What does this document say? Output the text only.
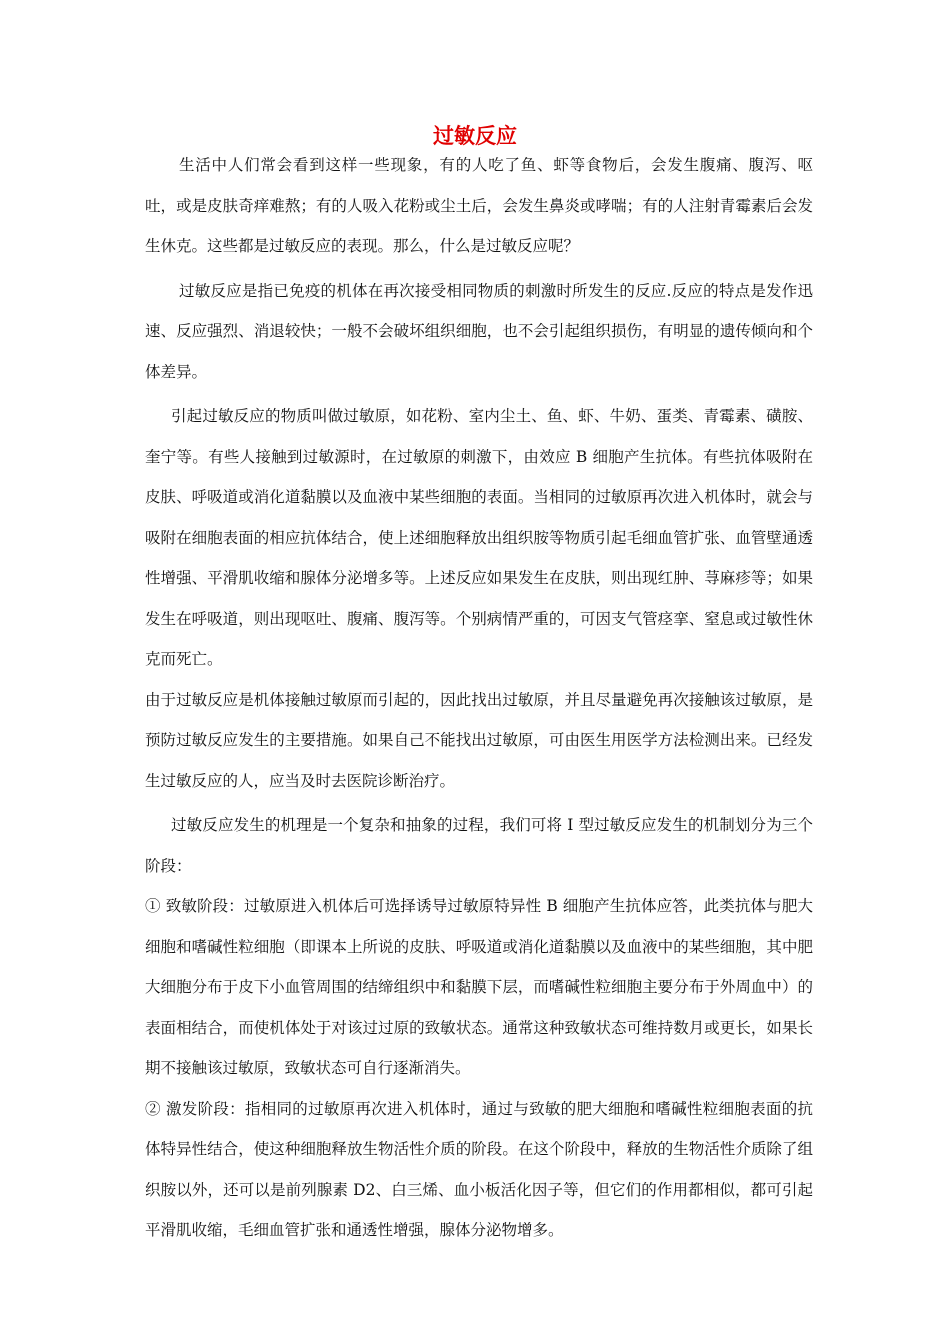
过敏反应

生活中人们常会看到这样一些现象，有的人吃了鱼、虾等食物后，会发生腹痛、腹泻、呕吐，或是皮肤奇痒难熬；有的人吸入花粉或尘土后，会发生鼻炎或哮喘；有的人注射青霉素后会发生休克。这些都是过敏反应的表现。那么，什么是过敏反应呢？

过敏反应是指已免疫的机体在再次接受相同物质的刺激时所发生的反应.反应的特点是发作迅速、反应强烈、消退较快；一般不会破坏组织细胞，也不会引起组织损伤，有明显的遗传倾向和个体差异。

引起过敏反应的物质叫做过敏原，如花粉、室内尘土、鱼、虾、牛奶、蛋类、青霉素、磺胺、奎宁等。有些人接触到过敏源时，在过敏原的刺激下，由效应 B 细胞产生抗体。有些抗体吸附在皮肤、呼吸道或消化道黏膜以及血液中某些细胞的表面。当相同的过敏原再次进入机体时，就会与吸附在细胞表面的相应抗体结合，使上述细胞释放出组织胺等物质引起毛细血管扩张、血管壁通透性增强、平滑肌收缩和腺体分泌增多等。上述反应如果发生在皮肤，则出现红肿、荨麻疹等；如果发生在呼吸道，则出现呕吐、腹痛、腹泻等。个别病情严重的，可因支气管痉挛、窒息或过敏性休克而死亡。

由于过敏反应是机体接触过敏原而引起的，因此找出过敏原，并且尽量避免再次接触该过敏原，是预防过敏反应发生的主要措施。如果自己不能找出过敏原，可由医生用医学方法检测出来。已经发生过敏反应的人，应当及时去医院诊断治疗。

过敏反应发生的机理是一个复杂和抽象的过程，我们可将 I 型过敏反应发生的机制划分为三个阶段：

① 致敏阶段：过敏原进入机体后可选择诱导过敏原特异性 B 细胞产生抗体应答，此类抗体与肥大细胞和嗜碱性粒细胞（即课本上所说的皮肤、呼吸道或消化道黏膜以及血液中的某些细胞，其中肥大细胞分布于皮下小血管周围的结缔组织中和黏膜下层，而嗜碱性粒细胞主要分布于外周血中）的表面相结合，而使机体处于对该过过原的致敏状态。通常这种致敏状态可维持数月或更长，如果长期不接触该过敏原，致敏状态可自行逐渐消失。

② 激发阶段：指相同的过敏原再次进入机体时，通过与致敏的肥大细胞和嗜碱性粒细胞表面的抗体特异性结合，使这种细胞释放生物活性介质的阶段。在这个阶段中，释放的生物活性介质除了组织胺以外，还可以是前列腺素 D2、白三烯、血小板活化因子等，但它们的作用都相似，都可引起平滑肌收缩，毛细血管扩张和通透性增强，腺体分泌物增多。
